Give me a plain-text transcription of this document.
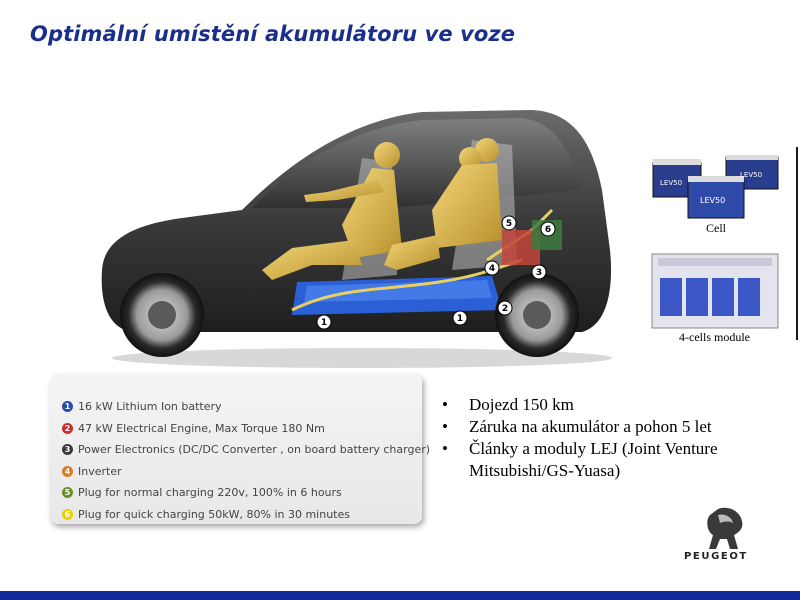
Optimální umístění akumulátoru ve voze
1	1
2
3
4
5
6
LEV50
LEV50
LEV50
Cell
4-cells module
1 16 kW Lithium Ion battery
2 47 kW Electrical Engine, Max Torque 180 Nm
3 Power Electronics (DC/DC Converter , on board battery charger)
4 Inverter
5 Plug for normal charging 220v, 100% in 6 hours
6 Plug for quick charging 50kW, 80% in 30 minutes
• Dojezd 150 km
• Záruka na akumulátor a pohon 5 let
• Články a moduly LEJ (Joint Venture Mitsubishi/GS-Yuasa)
PEUGEOT
